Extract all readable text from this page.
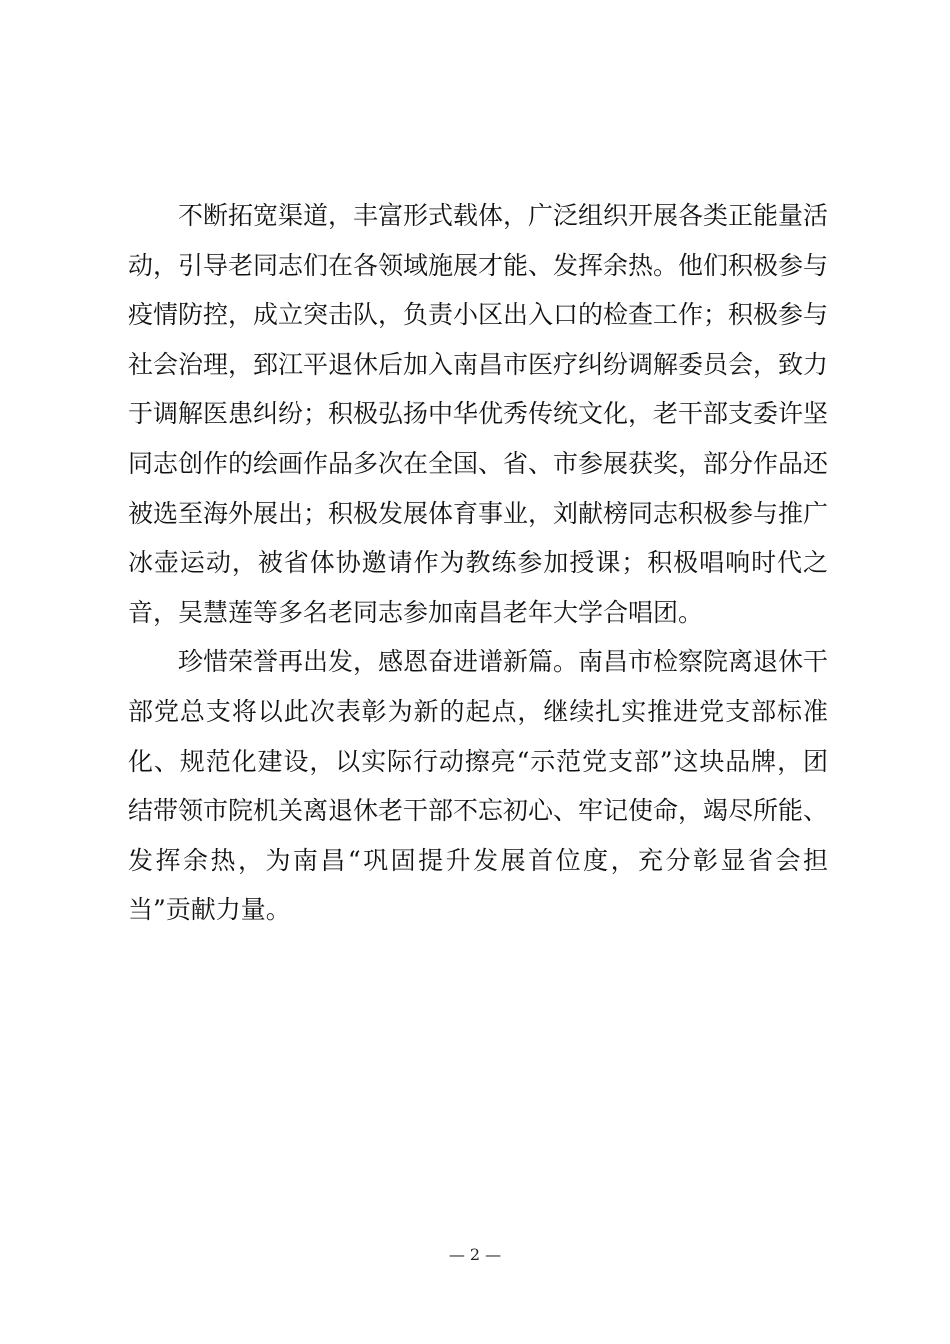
不断拓宽渠道，丰富形式载体，广泛组织开展各类正能量活动，引导老同志们在各领域施展才能、发挥余热。他们积极参与疫情防控，成立突击队，负责小区出入口的检查工作；积极参与社会治理，郅江平退休后加入南昌市医疗纠纷调解委员会，致力于调解医患纠纷；积极弘扬中华优秀传统文化，老干部支委许坚同志创作的绘画作品多次在全国、省、市参展获奖，部分作品还被选至海外展出；积极发展体育事业，刘献榜同志积极参与推广冰壶运动，被省体协邀请作为教练参加授课；积极唱响时代之音，吴慧莲等多名老同志参加南昌老年大学合唱团。

珍惜荣誉再出发，感恩奋进谱新篇。南昌市检察院离退休干部党总支将以此次表彰为新的起点，继续扎实推进党支部标准化、规范化建设，以实际行动擦亮“示范党支部”这块品牌，团结带领市院机关离退休老干部不忘初心、牢记使命，竭尽所能、发挥余热，为南昌“巩固提升发展首位度，充分彰显省会担当”贡献力量。

— 2 —
